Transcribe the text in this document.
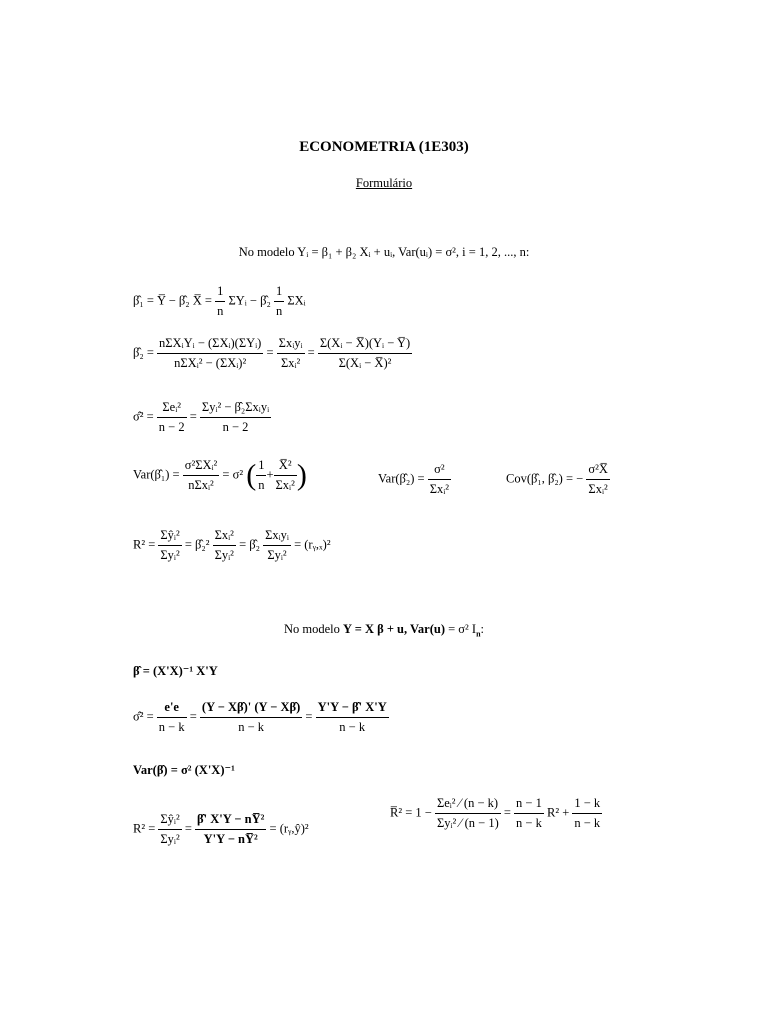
ECONOMETRIA (1E303)
Formulário
No modelo Yᵢ = β₁ + β₂ Xᵢ + uᵢ, Var(uᵢ) = σ², i = 1, 2, ..., n:
β̂₁ = Y̅ − β̂₂ X̅ = $\frac{1}{n}$ ΣYᵢ − β̂₂ $\frac{1}{n}$ ΣXᵢ
β̂₂ = $\frac{\text{nΣXᵢYᵢ − (ΣXᵢ)(ΣYᵢ)}}{\text{nΣXᵢ² − (ΣXᵢ)²}} = \frac{\text{Σxᵢyᵢ}}{\text{Σxᵢ²}} = \frac{\text{Σ(Xᵢ − X̅)(Yᵢ − Y̅)}}{\text{Σ(Xᵢ − X̅)²}}$
σ̂² = $\frac{\text{Σeᵢ²}}{n - 2} = \frac{\text{Σyᵢ² − β̂₂Σxᵢyᵢ}}{n - 2}$
Var(β̂₁) = $\frac{\text{σ²ΣXᵢ²}}{\text{nΣxᵢ²}} = \sigma^2$ ( $\frac{1}{n} + \frac{\text{X̅²}}{\text{Σxᵢ²}}$ )	Var(β̂₂) = $\frac{\text{σ²}}{\text{Σxᵢ²}}$	Cov(β̂₁, β̂₂) = − $\frac{\text{σ²X̅}}{\text{Σxᵢ²}}$
$R^2 = \frac{\text{Σŷᵢ²}}{\text{Σyᵢ²}}$ = β̂₂² $\frac{\text{Σxᵢ²}}{\text{Σyᵢ²}}$ = β̂₂ $\frac{\text{Σxᵢyᵢ}}{\text{Σyᵢ²}}$ = (rᵧ,ₓ)²
No modelo Y = X β + u, Var(u) = σ² $I_n$:
β̂ = (X'X)⁻¹ X'Y
σ̂² = $\frac{e'e}{n - k} = \frac{(Y - X\betâ)' (Y - X\betâ)}{n - k} = \frac{Y'Y - \betâ' X'Y}{n - k}$
Var(β̂) = σ² (X'X)⁻¹
$R^2 = \frac{\text{Σŷᵢ²}}{\text{Σyᵢ²}} = \frac{\text{β̂' X'Y − nY̅²}}{\text{Y'Y − nY̅²}}$ = (rᵧ,ŷ)²
R̅² = $1 - \frac{\text{Σeᵢ² ⁄ (n − k)}}{\text{Σyᵢ² ⁄ (n − 1)}} = \frac{n - 1}{n - k} R^2 + \frac{1 - k}{n - k}$
